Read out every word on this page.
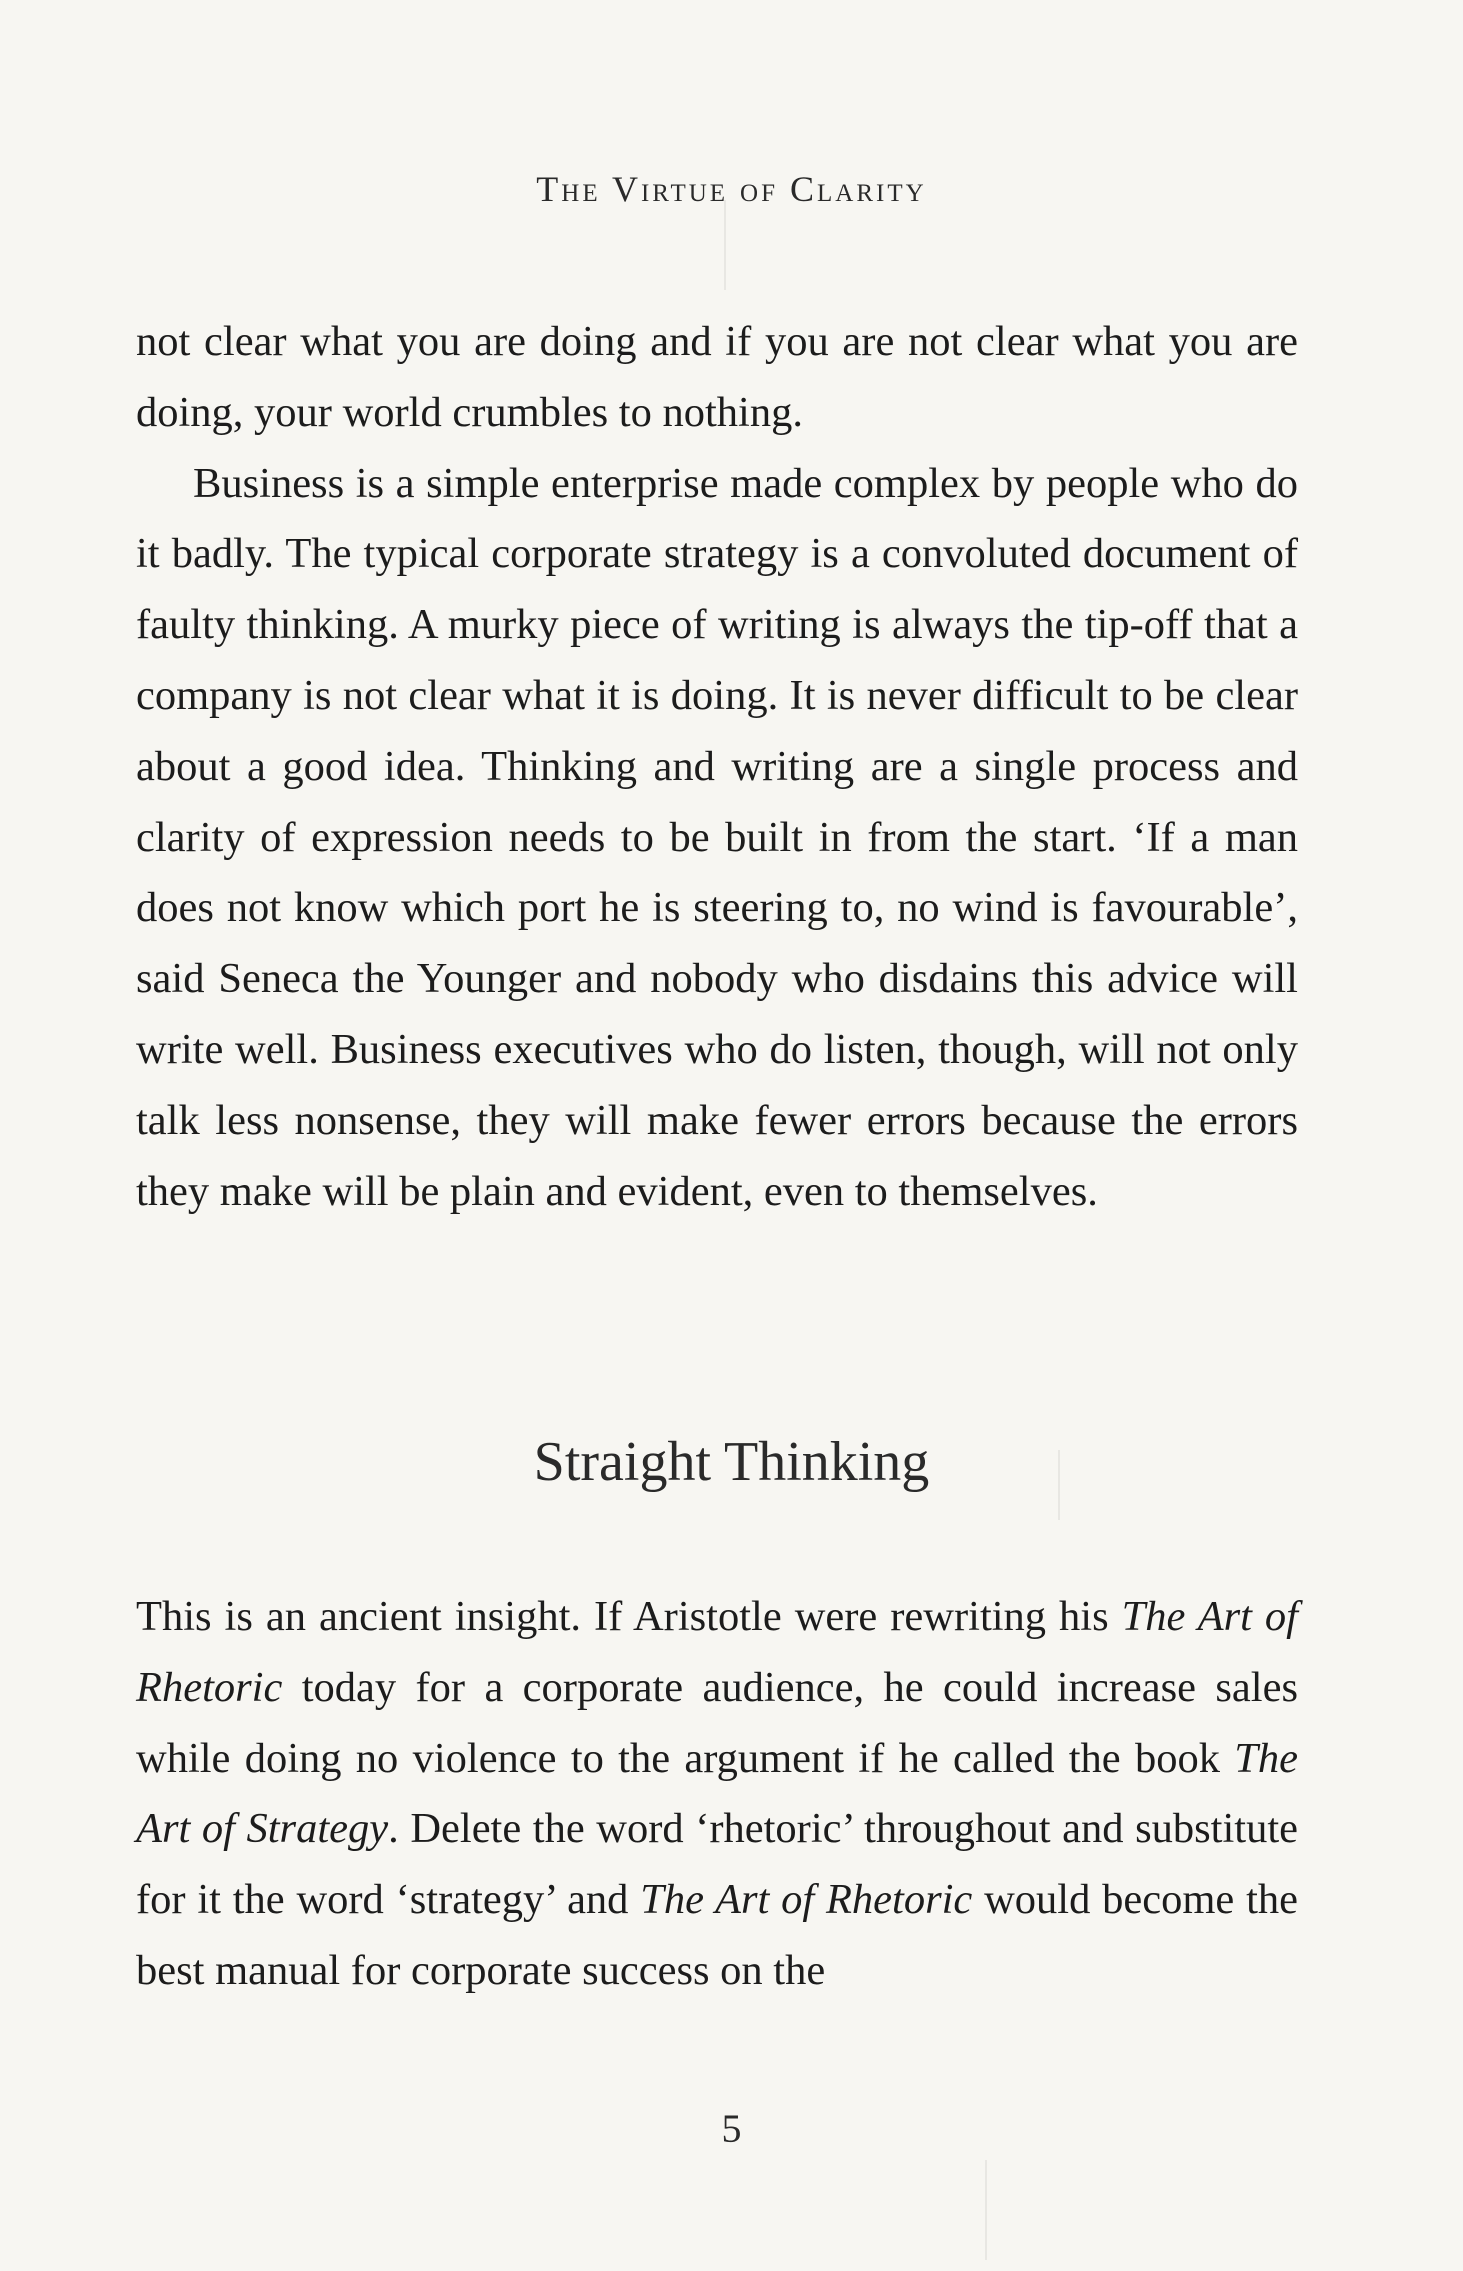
The Virtue of Clarity

not clear what you are doing and if you are not clear what you are doing, your world crumbles to nothing.

Business is a simple enterprise made complex by people who do it badly. The typical corporate strategy is a convoluted document of faulty thinking. A murky piece of writing is always the tip-off that a company is not clear what it is doing. It is never difficult to be clear about a good idea. Thinking and writing are a single process and clarity of expression needs to be built in from the start. ‘If a man does not know which port he is steering to, no wind is favourable’, said Seneca the Younger and nobody who disdains this advice will write well. Business executives who do listen, though, will not only talk less nonsense, they will make fewer errors because the errors they make will be plain and evident, even to themselves.

Straight Thinking

This is an ancient insight. If Aristotle were rewriting his The Art of Rhetoric today for a corporate audience, he could increase sales while doing no violence to the argument if he called the book The Art of Strategy. Delete the word ‘rhetoric’ throughout and substitute for it the word ‘strategy’ and The Art of Rhetoric would become the best manual for corporate success on the

5
